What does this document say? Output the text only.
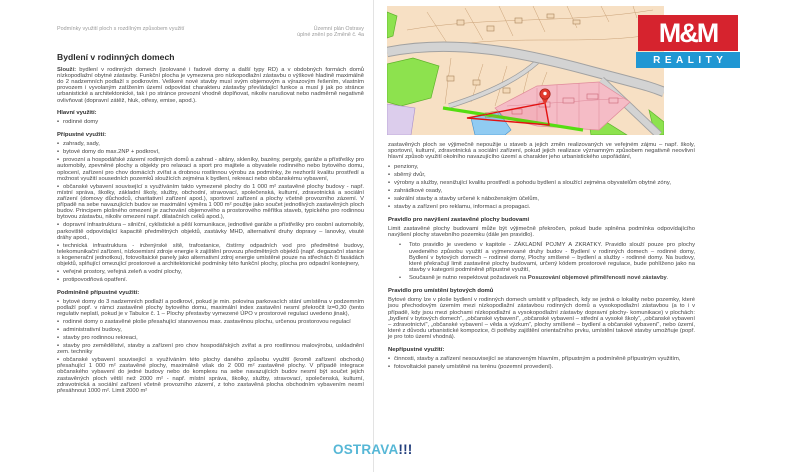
Podmínky využití ploch s rozdílným způsobem využití	Územní plán Ostravy
úplné znění po Změně č. 4a
Bydlení v rodinných domech

Slouží: bydlení v rodinných domech (izolované i řadové domy a další typy RD) a v obdobných formách domů nízkopodlažní obytné zástavby. Funkční plocha je vymezena pro nízkopodlažní zástavbu o výškové hladině maximálně do 2 nadzemních podlaží s podkrovím. Veškeré nové stavby musí svým objemovým a výrazovým řešením, vlastním provozem i vyvolaným zatížením území odpovídat charakteru zástavby převládající funkce a musí ji jak po stránce urbanistické a architektonické, tak i po stránce provozní vhodně doplňovat, nikoliv narušovat nebo nadměrně negativně ovlivňovat (dopravní zátěž, hluk, otřesy, emise, apod.).

Hlavní využití:

• rodinné domy

Přípustné využití:

• zahrady, sady,

• bytové domy do max.2NP + podkroví,

• provozní a hospodářské zázemí rodinných domů a zahrad - altány, skleníky, bazény, pergoly, garáže a přístřešky pro automobily, zpevněné plochy a objekty pro relaxaci a sport pro majitele a obyvatele rodinného nebo bytového domu, oplocení, zařízení pro chov domácích zvířat a drobnou rostlinnou výrobu za podmínky, že nezhorší kvalitu prostředí a možnost využití sousedních pozemků sloužících zejména k bydlení, rekreaci nebo občanskému vybavení,

• občanské vybavení související s využíváním takto vymezené plochy do 1 000 m² zastavěné plochy budovy - např. místní správa, školky, základní školy, služby, obchodní, stravovací, společenská, kulturní, zdravotnická a sociální zařízení (domovy důchodců, charitativní zařízení apod.), sportovní zařízení a plochy včetně provozního zázemí. V případě na sebe navazujících budov se maximální výměra 1 000 m² použije jako součet jednotlivých zastavěných ploch budov. Principem plošného omezení je zachování objemového a prostorového měřítka staveb, typického pro rodinnou bytovou zástavbu, nikoliv omezení např. dilatačních celků apod.),

• dopravní infrastruktura – silniční, cyklistické a pěší komunikace, jednotlivé garáže a přístřešky pro osobní automobily, parkoviště odpovídající kapacitě předmětných objektů, zastávky MHD, alternativní druhy dopravy – lanovky, visuté dráhy apod.,

• technická infrastruktura - inženýrské sítě, trafostanice, čistírny odpadních vod pro předmětné budovy, telekomunikační zařízení, nízkoemisní zdroje energie k zajištění provozu předmětných objektů (např. degazační stanice s kogenerační jednotkou), fotovoltaické panely jako alternativní zdroj energie umístěné pouze na střechách či fasádách objektů, splňující omezující prostorové a architektonické podmínky této funkční plochy, plocha pro odpadní kontejnery,

• veřejné prostory, veřejná zeleň a vodní plochy,

• protipovodňová opatření.

Podmíněně přípustné využití:

• bytové domy do 3 nadzemních podlaží a podkroví, pokud je min. polovina parkovacích stání umístěna v podzemním podlaží popř. v rámci zastavěné plochy bytového domu, maximální index zastavění nesmí překročit Iz=0,30 (tento regulativ neplatí, pokud je v Tabulce č. 1 – Plochy přestavby vymezené ÚPO v prostorové regulaci uvedeno jinak),

• rodinné domy o zastavěné ploše přesahující stanovenou max. zastavěnou plochu, určenou prostorovou regulací

• administrativní budovy,

• stavby pro rodinnou rekreaci,

• stavby pro zemědělství, stavby a zařízení pro chov hospodářských zvířat a pro rostlinnou malovýrobu, uskladnění zem. techniky

• občanské vybavení související s využíváním této plochy daného způsobu využití (kromě zařízení obchodu) přesahující 1 000 m² zastavěné plochy, maximálně však do 2 000 m² zastavěné plochy. V případě integrace občanského vybavení do jedné budovy nebo do komplexu na sebe navazujících budov nesmí být součet jejich zastavěných ploch větší než 2000 m² - např. místní správa, školky, služby, stravovací, společenská, kulturní, zdravotnická a sociální zařízení včetně provozního zázemí, z toho zastavěná plocha obchodním vybavením nesmí přesáhnout 1000 m². Limit 2000 m²

M&M
REALITY

zastavěných ploch se výjimečně nepoužije u staveb a jejich změn realizovaných ve veřejném zájmu – např. školy, sportovní, kulturní, zdravotnická a sociální zařízení, pokud jejich realizace významným způsobem negativně neovlivní hlavní způsob využití okolního navazujícího území a charakter jeho urbanistického uspořádání,

• penziony,

• sběrný dvůr,

• výrobny a služby, nesnižující kvalitu prostředí a pohodu bydlení a sloužící zejména obyvatelům obytné zóny,

• zahrádkové osady,

• sakrální stavby a stavby určené k náboženským účelům,

• stavby a zařízení pro reklamu, informaci a propagaci.

Pravidlo pro navýšení zastavěné plochy budovami

Limit zastavěné plochy budovami může být výjimečně překročen, pokud bude splněna podmínka odpovídajícího navýšení plochy stavebního pozemku (dále jen pravidlo).

• Toto pravidlo je uvedeno v kapitole - ZÁKLADNÍ POJMY A ZKRATKY. Pravidlo slouží pouze pro plochy uvedeného způsobu využití a vyjmenované druhy budov - Bydlení v rodinných domech – rodinné domy, Bydlení v bytových domech – rodinné domy, Plochy smíšené – bydlení a služby - rodinné domy. Na budovy, které překračují limit zastavěné plochy budovami, určený kódem prostorové regulace, bude pohlíženo jako na stavby v kategorii podmíněně přípustné využití,

• Současně je nutno respektovat požadavek na Posuzování objemové přiměřenosti nové zástavby.

Pravidlo pro umístění bytových domů

Bytové domy lze v ploše bydlení v rodinných domech umístit v případech, kdy se jedná o lokality nebo pozemky, které jsou přechodovým územím mezi nízkopodlažní zástavbou rodinných domů a vysokopodlažní zástavbou (a to i v případě, kdy jsou mezi plochami nízkopodlažní a vysokopodlažní zástavby dopravní plochy- komunikace) v plochách: „bydlení v bytových domech“, „občanské vybavení“, „občanské vybavení – střední a vysoké školy“, „občanské vybavení – zdravotnictví“, „občanské vybavení – věda a výzkum“, plochy smíšené – bydlení a občanské vybavení“, nebo území, které z důvodu urbanistické kompozice, či potřeby zajištění orientačního prvku, umístění takové stavby umožňuje (popř. je pro toto území vhodná).

Nepřípustné využití:

• činnosti, stavby a zařízení nesouvisející se stanoveným hlavním, přípustným a podmíněně přípustným využitím,

• fotovoltaické panely umístěné na terénu (pozemní provedení).

OSTRAVA!!!
